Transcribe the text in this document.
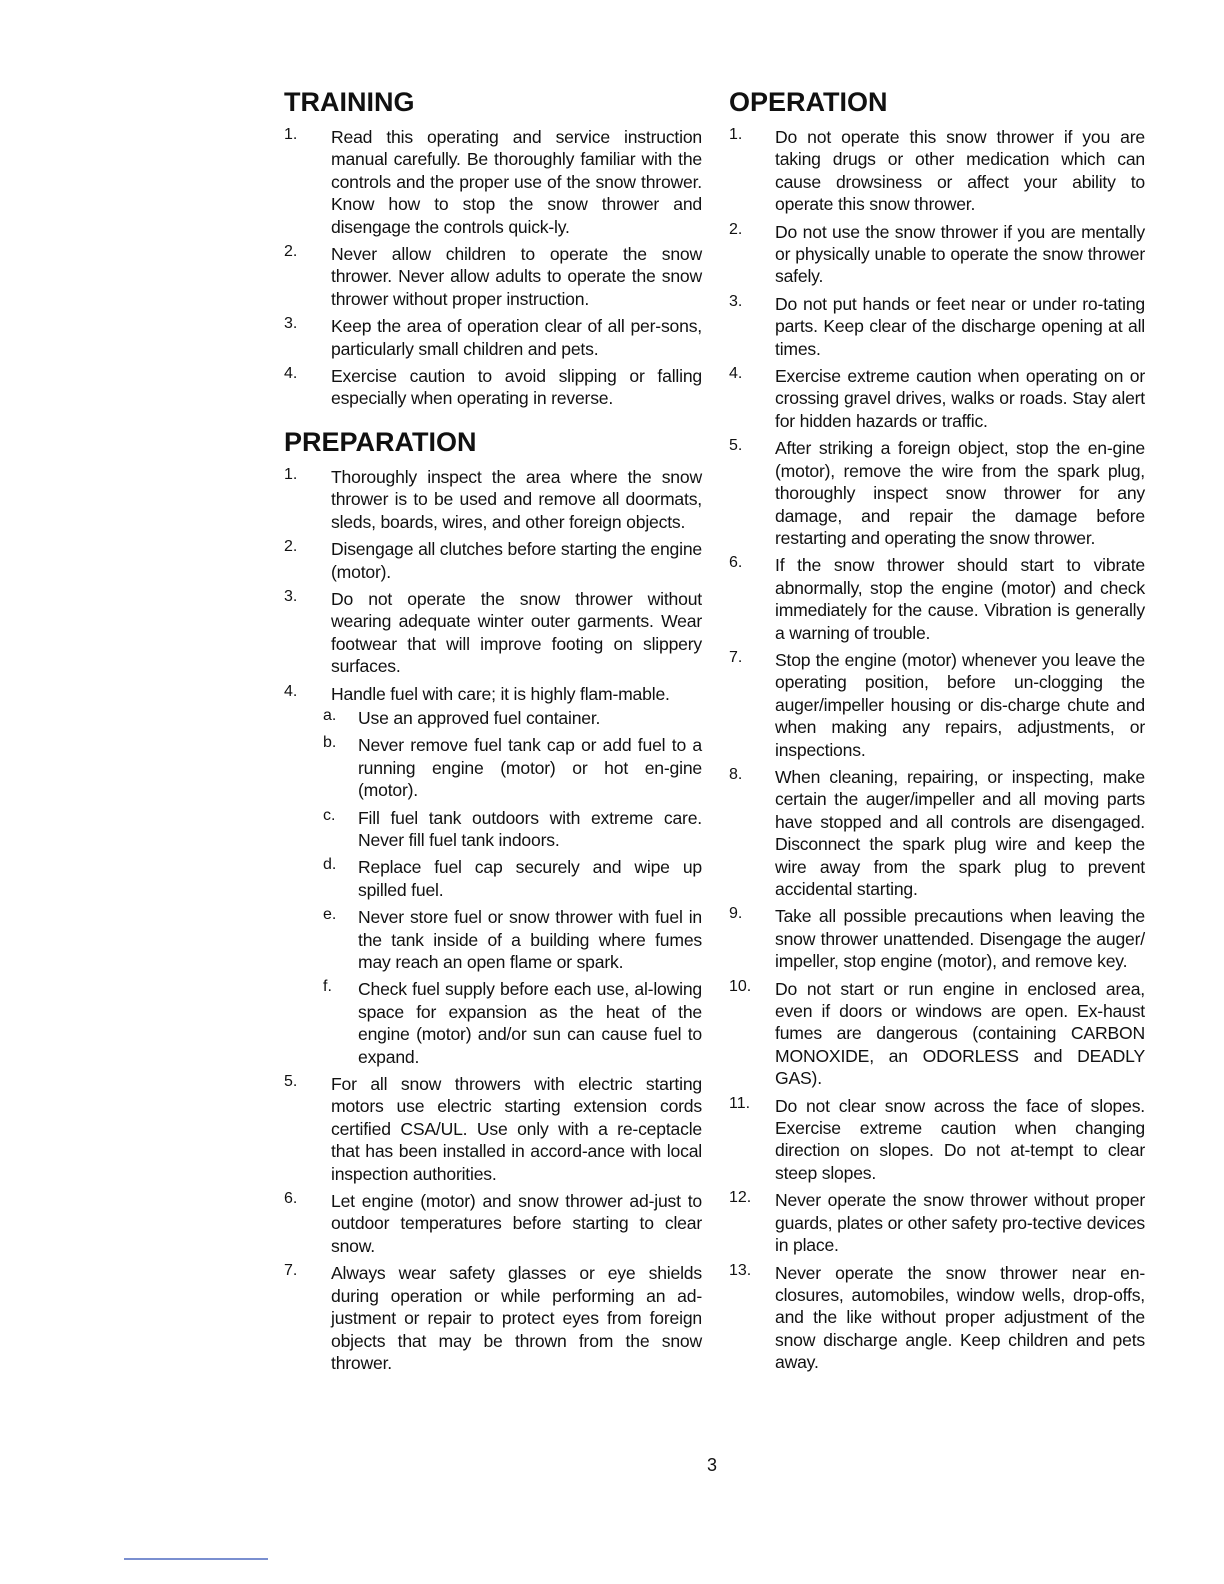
TRAINING
1.	Read this operating and service instruction manual carefully. Be thoroughly familiar with the controls and the proper use of the snow thrower. Know how to stop the snow thrower and disengage the controls quick-ly.
2.	Never allow children to operate the snow thrower. Never allow adults to operate the snow thrower without proper instruction.
3.	Keep the area of operation clear of all per-sons, particularly small children and pets.
4.	Exercise caution to avoid slipping or falling especially when operating in reverse.
PREPARATION
1.	Thoroughly inspect the area where the snow thrower is to be used and remove all doormats, sleds, boards, wires, and other foreign objects.
2.	Disengage all clutches before starting the engine (motor).
3.	Do not operate the snow thrower without wearing adequate winter outer garments. Wear footwear that will improve footing on slippery surfaces.
4.	Handle fuel with care; it is highly flam-mable.
a.	Use an approved fuel container.
b.	Never remove fuel tank cap or add fuel to a running engine (motor) or hot en-gine (motor).
c.	Fill fuel tank outdoors with extreme care. Never fill fuel tank indoors.
d.	Replace fuel cap securely and wipe up spilled fuel.
e.	Never store fuel or snow thrower with fuel in the tank inside of a building where fumes may reach an open flame or spark.
f.	Check fuel supply before each use, al-lowing space for expansion as the heat of the engine (motor) and/or sun can cause fuel to expand.
5.	For all snow throwers with electric starting motors use electric starting extension cords certified CSA/UL. Use only with a re-ceptacle that has been installed in accord-ance with local inspection authorities.
6.	Let engine (motor) and snow thrower ad-just to outdoor temperatures before starting to clear snow.
7.	Always wear safety glasses or eye shields during operation or while performing an ad-justment or repair to protect eyes from foreign objects that may be thrown from the snow thrower.
OPERATION
1.	Do not operate this snow thrower if you are taking drugs or other medication which can cause drowsiness or affect your ability to operate this snow thrower.
2.	Do not use the snow thrower if you are mentally or physically unable to operate the snow thrower safely.
3.	Do not put hands or feet near or under ro-tating parts. Keep clear of the discharge opening at all times.
4.	Exercise extreme caution when operating on or crossing gravel drives, walks or roads. Stay alert for hidden hazards or traffic.
5.	After striking a foreign object, stop the en-gine (motor), remove the wire from the spark plug, thoroughly inspect snow thrower for any damage, and repair the damage before restarting and operating the snow thrower.
6.	If the snow thrower should start to vibrate abnormally, stop the engine (motor) and check immediately for the cause. Vibration is generally a warning of trouble.
7.	Stop the engine (motor) whenever you leave the operating position, before un-clogging the auger/impeller housing or dis-charge chute and when making any repairs, adjustments, or inspections.
8.	When cleaning, repairing, or inspecting, make certain the auger/impeller and all moving parts have stopped and all controls are disengaged. Disconnect the spark plug wire and keep the wire away from the spark plug to prevent accidental starting.
9.	Take all possible precautions when leaving the snow thrower unattended. Disengage the auger/ impeller, stop engine (motor), and remove key.
10.	Do not start or run engine in enclosed area, even if doors or windows are open. Ex-haust fumes are dangerous (containing CARBON MONOXIDE, an ODORLESS and DEADLY GAS).
11.	Do not clear snow across the face of slopes. Exercise extreme caution when changing direction on slopes. Do not at-tempt to clear steep slopes.
12.	Never operate the snow thrower without proper guards, plates or other safety pro-tective devices in place.
13.	Never operate the snow thrower near en-closures, automobiles, window wells, drop-offs, and the like without proper adjustment of the snow discharge angle. Keep children and pets away.
3
